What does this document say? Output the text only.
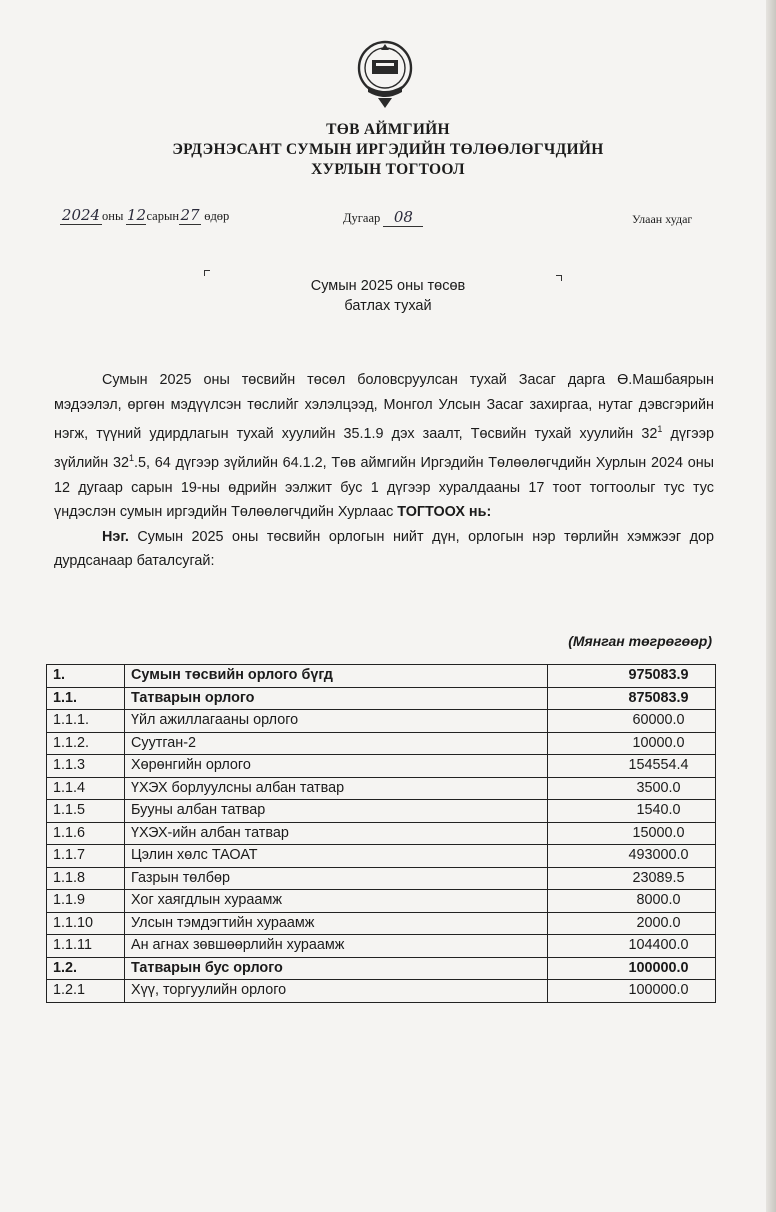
ТӨВ АЙМГИЙН
ЭРДЭНЭСАНТ СУМЫН ИРГЭДИЙН ТӨЛӨӨЛӨГЧДИЙН
ХУРЛЫН ТОГТООЛ
2024 оны 12сарын27 өдөр	Дугаар 08	Улаан худаг
Сумын 2025 оны төсөв
батлах тухай

Сумын 2025 оны төсвийн төсөл боловсруулсан тухай Засаг дарга Ө.Машбаярын мэдээлэл, өргөн мэдүүлсэн төслийг хэлэлцээд, Монгол Улсын Засаг захиргаа, нутаг дэвсгэрийн нэгж, түүний удирдлагын тухай хуулийн 35.1.9 дэх заалт, Төсвийн тухай хуулийн $32^1$ дүгээр зүйлийн $32^1.5$, 64 дүгээр зүйлийн 64.1.2, Төв аймгийн Иргэдийн Төлөөлөгчдийн Хурлын 2024 оны 12 дугаар сарын 19-ны өдрийн ээлжит бус 1 дүгээр хуралдааны 17 тоот тогтоолыг тус тус үндэслэн сумын иргэдийн Төлөөлөгчдийн Хурлаас ТОГТООХ нь:

Нэг. Сумын 2025 оны төсвийн орлогын нийт дүн, орлогын нэр төрлийн хэмжээг дор дурдсанаар баталсугай:

(Мянган төгрөгөөр)
1.	Сумын төсвийн орлого бүгд	975083.9
1.1.	Татварын орлого	875083.9
1.1.1.	Үйл ажиллагааны орлого	60000.0
1.1.2.	Суутган-2	10000.0
1.1.3	Хөрөнгийн орлого	154554.4
1.1.4	ҮХЭХ борлуулсны албан татвар	3500.0
1.1.5	Бууны албан татвар	1540.0
1.1.6	ҮХЭХ-ийн албан татвар	15000.0
1.1.7	Цэлин хөлс ТАОАТ	493000.0
1.1.8	Газрын төлбөр	23089.5
1.1.9	Хог хаягдлын хураамж	8000.0
1.1.10	Улсын тэмдэгтийн хураамж	2000.0
1.1.11	Ан агнах зөвшөөрлийн хураамж	104400.0
1.2.	Татварын бус орлого	100000.0
1.2.1	Хүү, торгуулийн орлого	100000.0
